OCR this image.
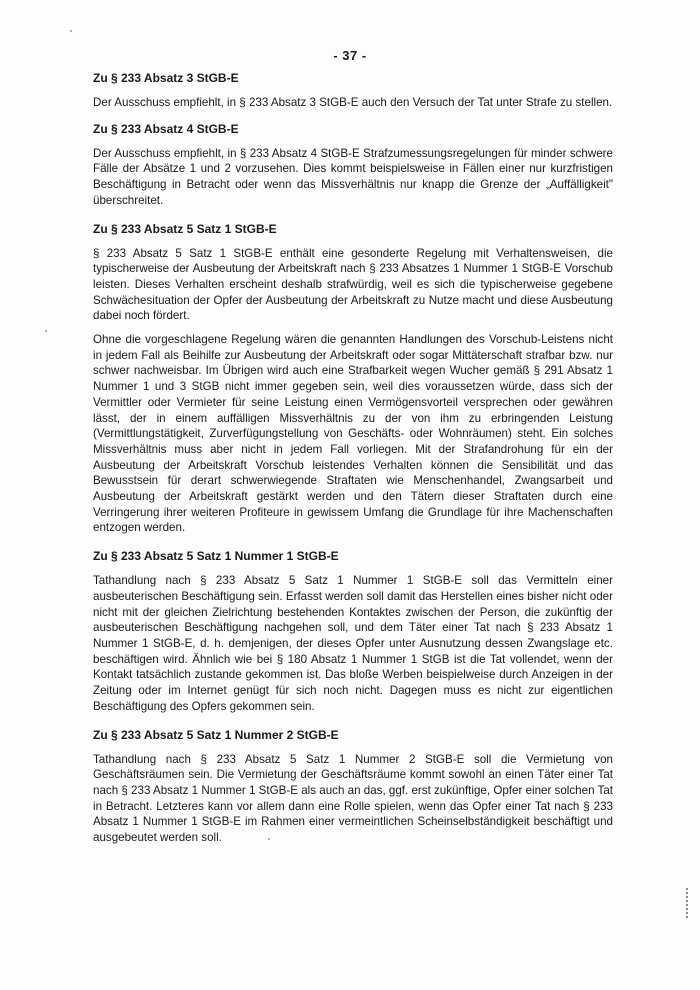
- 37 -
Zu § 233 Absatz 3 StGB-E

Der Ausschuss empfiehlt, in § 233 Absatz 3 StGB-E auch den Versuch der Tat unter Strafe zu stellen.

Zu § 233 Absatz 4 StGB-E

Der Ausschuss empfiehlt, in § 233 Absatz 4 StGB-E Strafzumessungsregelungen für minder schwere Fälle der Absätze 1 und 2 vorzusehen. Dies kommt beispielsweise in Fällen einer nur kurzfristigen Beschäftigung in Betracht oder wenn das Missverhältnis nur knapp die Grenze der „Auffälligkeit" überschreitet.

Zu § 233 Absatz 5 Satz 1 StGB-E

§ 233 Absatz 5 Satz 1 StGB-E enthält eine gesonderte Regelung mit Verhaltensweisen, die typischerweise der Ausbeutung der Arbeitskraft nach § 233 Absatzes 1 Nummer 1 StGB-E Vorschub leisten. Dieses Verhalten erscheint deshalb strafwürdig, weil es sich die typischerweise gegebene Schwächesituation der Opfer der Ausbeutung der Arbeitskraft zu Nutze macht und diese Ausbeutung dabei noch fördert.

Ohne die vorgeschlagene Regelung wären die genannten Handlungen des Vorschub-Leistens nicht in jedem Fall als Beihilfe zur Ausbeutung der Arbeitskraft oder sogar Mittäterschaft strafbar bzw. nur schwer nachweisbar. Im Übrigen wird auch eine Strafbarkeit wegen Wucher gemäß § 291 Absatz 1 Nummer 1 und 3 StGB nicht immer gegeben sein, weil dies voraussetzen würde, dass sich der Vermittler oder Vermieter für seine Leistung einen Vermögensvorteil versprechen oder gewähren lässt, der in einem auffälligen Missverhältnis zu der von ihm zu erbringenden Leistung (Vermittlungstätigkeit, Zurverfügungstellung von Geschäfts- oder Wohnräumen) steht. Ein solches Missverhältnis muss aber nicht in jedem Fall vorliegen. Mit der Strafandrohung für ein der Ausbeutung der Arbeitskraft Vorschub leistendes Verhalten können die Sensibilität und das Bewusstsein für derart schwerwiegende Straftaten wie Menschenhandel, Zwangsarbeit und Ausbeutung der Arbeitskraft gestärkt werden und den Tätern dieser Straftaten durch eine Verringerung ihrer weiteren Profiteure in gewissem Umfang die Grundlage für ihre Machenschaften entzogen werden.

Zu § 233 Absatz 5 Satz 1 Nummer 1 StGB-E

Tathandlung nach § 233 Absatz 5 Satz 1 Nummer 1 StGB-E soll das Vermitteln einer ausbeuterischen Beschäftigung sein. Erfasst werden soll damit das Herstellen eines bisher nicht oder nicht mit der gleichen Zielrichtung bestehenden Kontaktes zwischen der Person, die zukünftig der ausbeuterischen Beschäftigung nachgehen soll, und dem Täter einer Tat nach § 233 Absatz 1 Nummer 1 StGB-E, d. h. demjenigen, der dieses Opfer unter Ausnutzung dessen Zwangslage etc. beschäftigen wird. Ähnlich wie bei § 180 Absatz 1 Nummer 1 StGB ist die Tat vollendet, wenn der Kontakt tatsächlich zustande gekommen ist. Das bloße Werben beispielweise durch Anzeigen in der Zeitung oder im Internet genügt für sich noch nicht. Dagegen muss es nicht zur eigentlichen Beschäftigung des Opfers gekommen sein.

Zu § 233 Absatz 5 Satz 1 Nummer 2 StGB-E

Tathandlung nach § 233 Absatz 5 Satz 1 Nummer 2 StGB-E soll die Vermietung von Geschäftsräumen sein. Die Vermietung der Geschäftsräume kommt sowohl an einen Täter einer Tat nach § 233 Absatz 1 Nummer 1 StGB-E als auch an das, ggf. erst zukünftige, Opfer einer solchen Tat in Betracht. Letzteres kann vor allem dann eine Rolle spielen, wenn das Opfer einer Tat nach § 233 Absatz 1 Nummer 1 StGB-E im Rahmen einer vermeintlichen Scheinselbständigkeit beschäftigt und ausgebeutet werden soll.
